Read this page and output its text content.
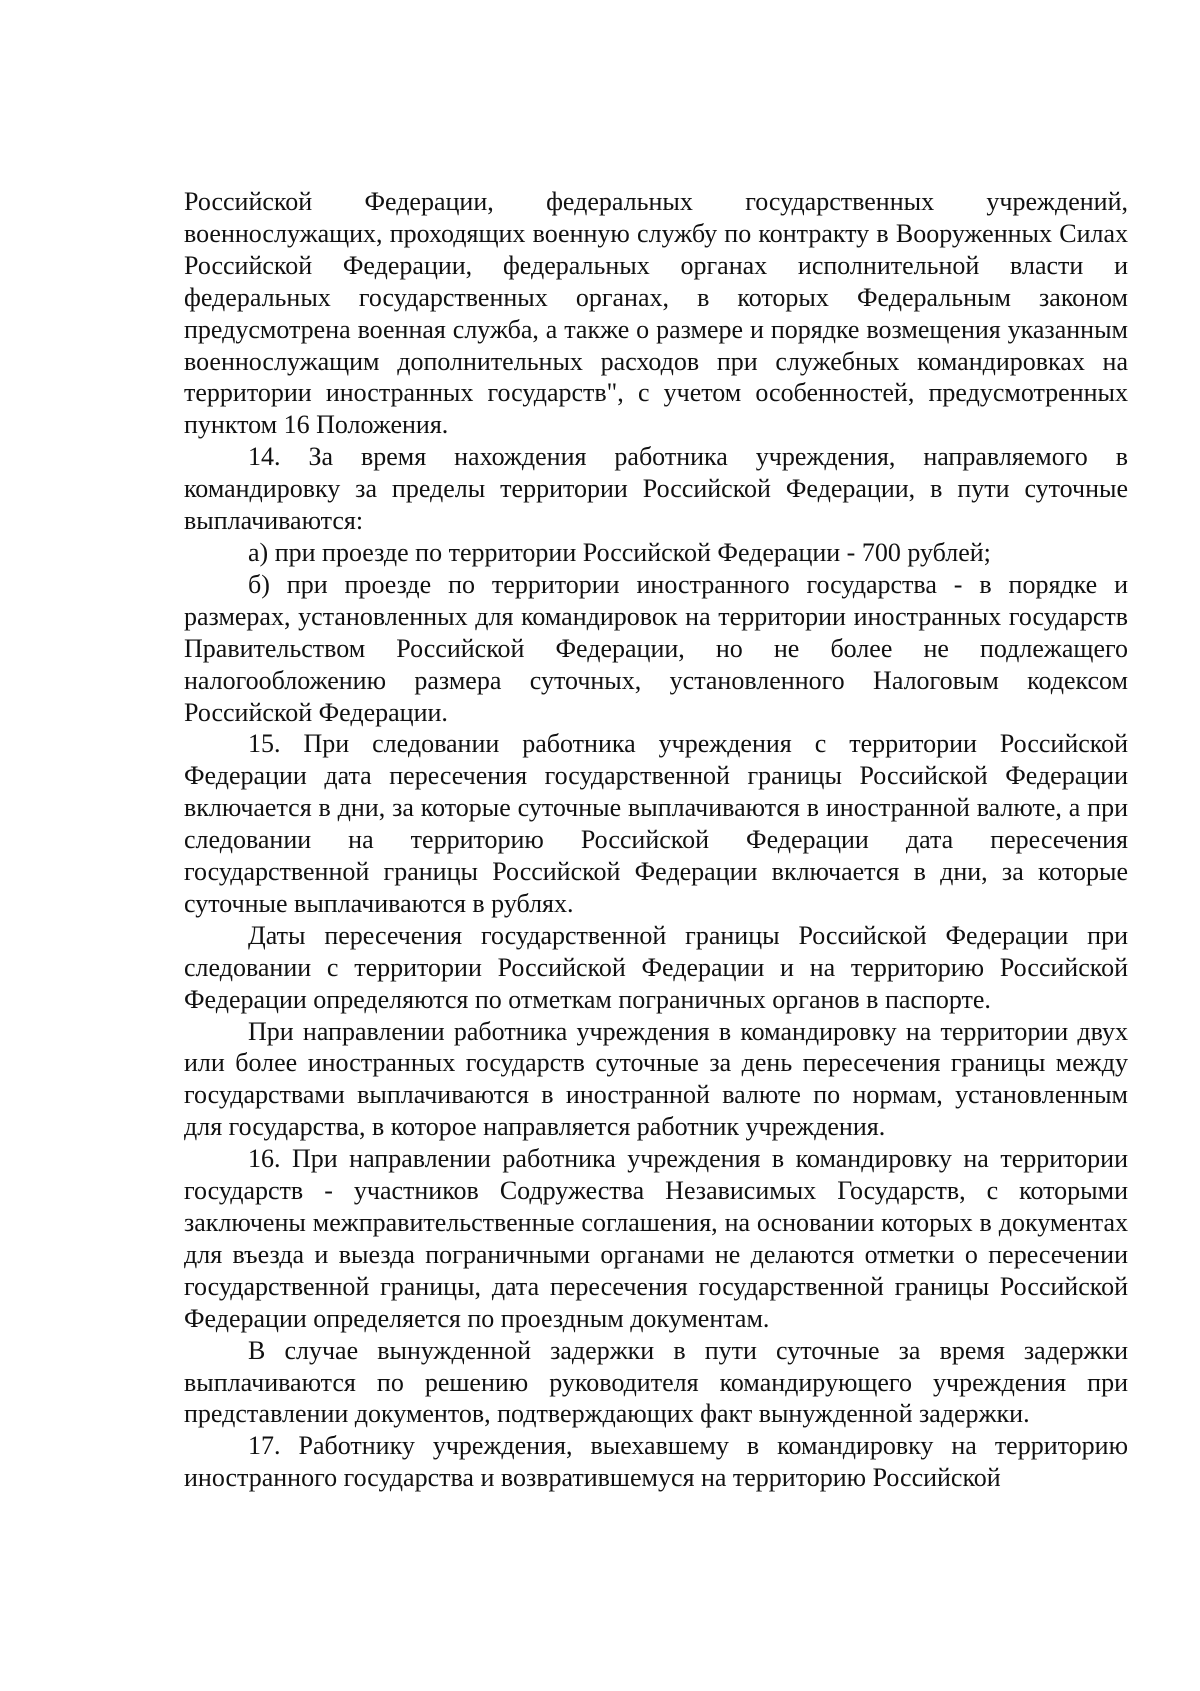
Российской Федерации, федеральных государственных учреждений, военнослужащих, проходящих военную службу по контракту в Вооруженных Силах Российской Федерации, федеральных органах исполнительной власти и федеральных государственных органах, в которых Федеральным законом предусмотрена военная служба, а также о размере и порядке возмещения указанным военнослужащим дополнительных расходов при служебных командировках на территории иностранных государств", с учетом особенностей, предусмотренных пунктом 16 Положения.

14. За время нахождения работника учреждения, направляемого в командировку за пределы территории Российской Федерации, в пути суточные выплачиваются:

а) при проезде по территории Российской Федерации - 700 рублей;

б) при проезде по территории иностранного государства - в порядке и размерах, установленных для командировок на территории иностранных государств Правительством Российской Федерации, но не более не подлежащего налогообложению размера суточных, установленного Налоговым кодексом Российской Федерации.

15. При следовании работника учреждения с территории Российской Федерации дата пересечения государственной границы Российской Федерации включается в дни, за которые суточные выплачиваются в иностранной валюте, а при следовании на территорию Российской Федерации дата пересечения государственной границы Российской Федерации включается в дни, за которые суточные выплачиваются в рублях.

Даты пересечения государственной границы Российской Федерации при следовании с территории Российской Федерации и на территорию Российской Федерации определяются по отметкам пограничных органов в паспорте.

При направлении работника учреждения в командировку на территории двух или более иностранных государств суточные за день пересечения границы между государствами выплачиваются в иностранной валюте по нормам, установленным для государства, в которое направляется работник учреждения.

16. При направлении работника учреждения в командировку на территории государств - участников Содружества Независимых Государств, с которыми заключены межправительственные соглашения, на основании которых в документах для въезда и выезда пограничными органами не делаются отметки о пересечении государственной границы, дата пересечения государственной границы Российской Федерации определяется по проездным документам.

В случае вынужденной задержки в пути суточные за время задержки выплачиваются по решению руководителя командирующего учреждения при представлении документов, подтверждающих факт вынужденной задержки.

17. Работнику учреждения, выехавшему в командировку на территорию иностранного государства и возвратившемуся на территорию Российской
